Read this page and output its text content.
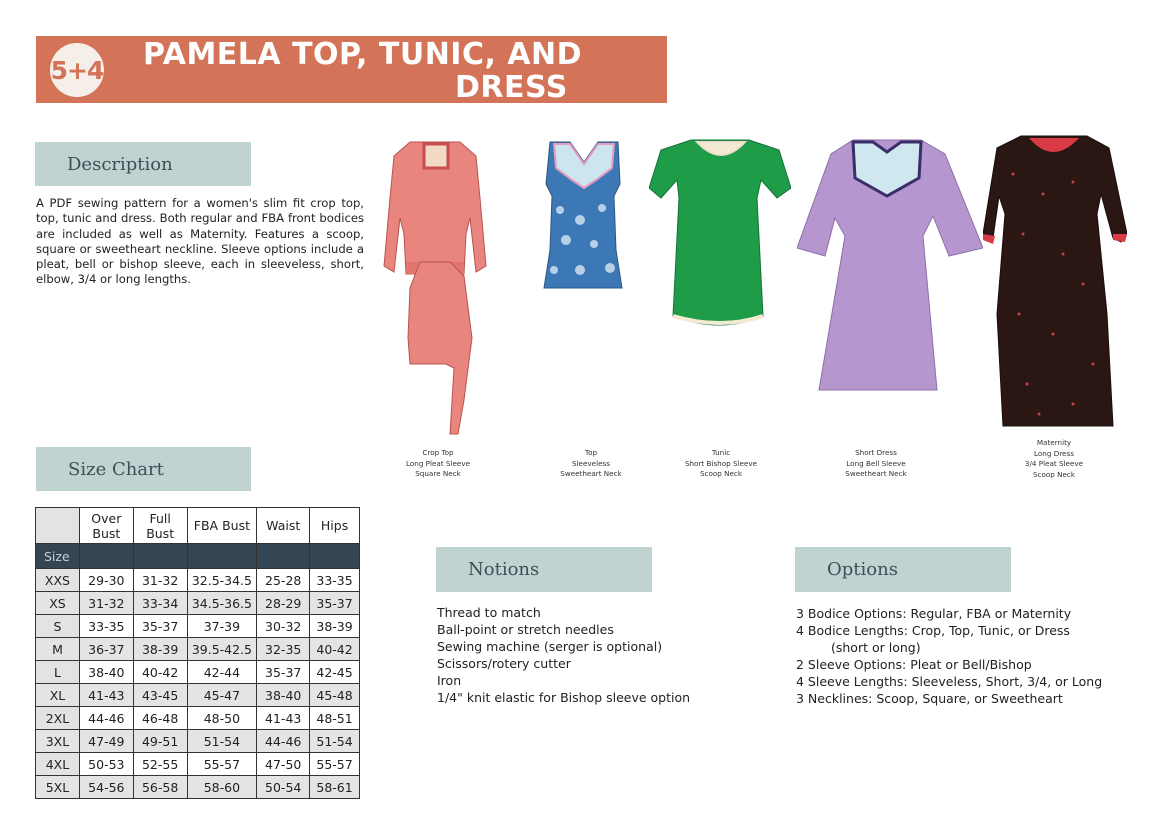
5+4 PAMELA TOP, TUNIC, AND
DRESS
Description

A PDF sewing pattern for a women's slim fit crop top, top, tunic and dress. Both regular and FBA front bodices are included as well as Maternity. Features a scoop, square or sweetheart neckline. Sleeve options include a pleat, bell or bishop sleeve, each in sleeveless, short, elbow, 3/4 or long lengths.

Crop Top
Long Pleat Sleeve
Square Neck
Top
Sleeveless
Sweetheart Neck
Tunic
Short Bishop Sleeve
Scoop Neck
Short Dress
Long Bell Sleeve
Sweetheart Neck
Maternity
Long Dress
3/4 Pleat Sleeve
Scoop Neck
Size Chart
	Over Bust	Full Bust	FBA Bust	Waist	Hips
Size					
XXS	29-30	31-32	32.5-34.5	25-28	33-35
XS	31-32	33-34	34.5-36.5	28-29	35-37
S	33-35	35-37	37-39	30-32	38-39
M	36-37	38-39	39.5-42.5	32-35	40-42
L	38-40	40-42	42-44	35-37	42-45
XL	41-43	43-45	45-47	38-40	45-48
2XL	44-46	46-48	48-50	41-43	48-51
3XL	47-49	49-51	51-54	44-46	51-54
4XL	50-53	52-55	55-57	47-50	55-57
5XL	54-56	56-58	58-60	50-54	58-61
Notions
Thread to match
Ball-point or stretch needles
Sewing machine (serger is optional)
Scissors/rotery cutter
Iron
1/4" knit elastic for Bishop sleeve option
Options
3 Bodice Options: Regular, FBA or Maternity
4 Bodice Lengths: Crop, Top, Tunic, or Dress
(short or long)
2 Sleeve Options: Pleat or Bell/Bishop
4 Sleeve Lengths: Sleeveless, Short, 3/4, or Long
3 Necklines: Scoop, Square, or Sweetheart
